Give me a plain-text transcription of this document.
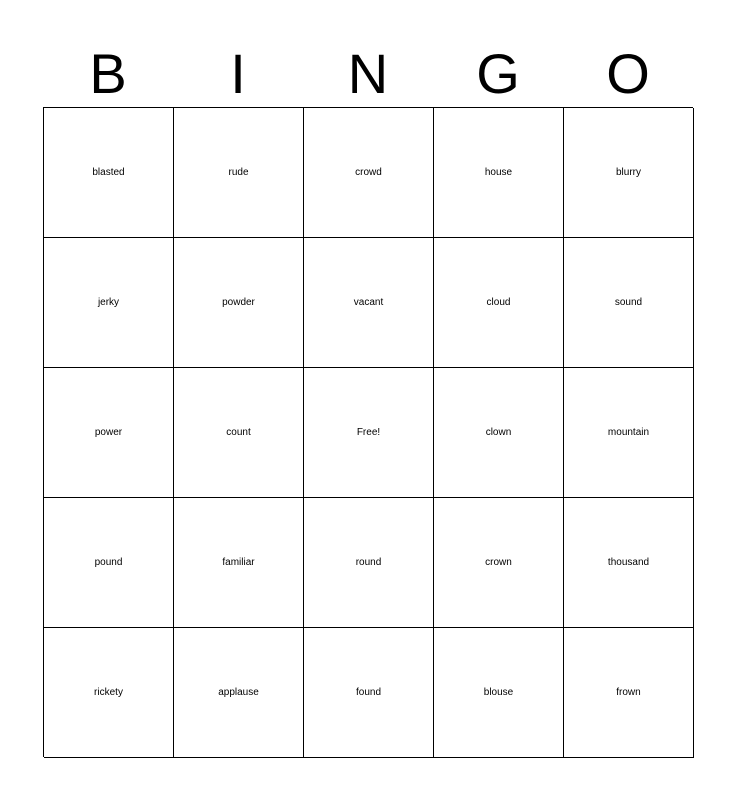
B	I	N	G	O
blasted	rude	crowd	house	blurry
jerky	powder	vacant	cloud	sound
power	count	Free!	clown	mountain
pound	familiar	round	crown	thousand
rickety	applause	found	blouse	frown
